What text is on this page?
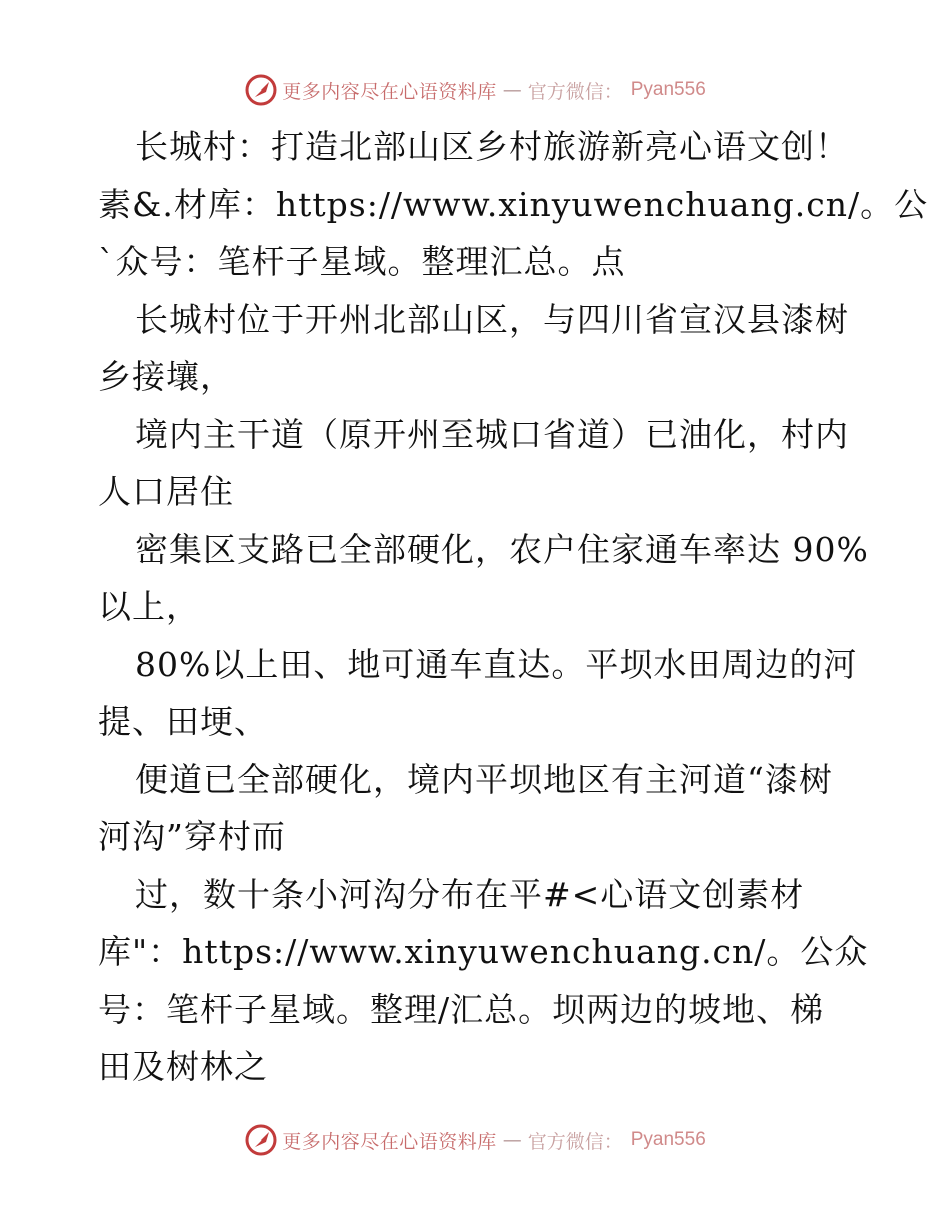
更多内容尽在心语资料库 — 官方微信： Pyan556
长城村：打造北部山区乡村旅游新亮心语文创！
素&.材库：https://www.xinyuwenchuang.cn/。公
`众号：笔杆子星域。整理汇总。点
长城村位于开州北部山区，与四川省宣汉县漆树
乡接壤，
境内主干道（原开州至城口省道）已油化，村内
人口居住
密集区支路已全部硬化，农户住家通车率达 90%
以上，
80%以上田、地可通车直达。平坝水田周边的河
提、田埂、
便道已全部硬化，境内平坝地区有主河道“漆树
河沟”穿村而
过，数十条小河沟分布在平#<心语文创素材
库"：https://www.xinyuwenchuang.cn/。公众
号：笔杆子星域。整理/汇总。坝两边的坡地、梯
田及树林之
更多内容尽在心语资料库 — 官方微信： Pyan556
